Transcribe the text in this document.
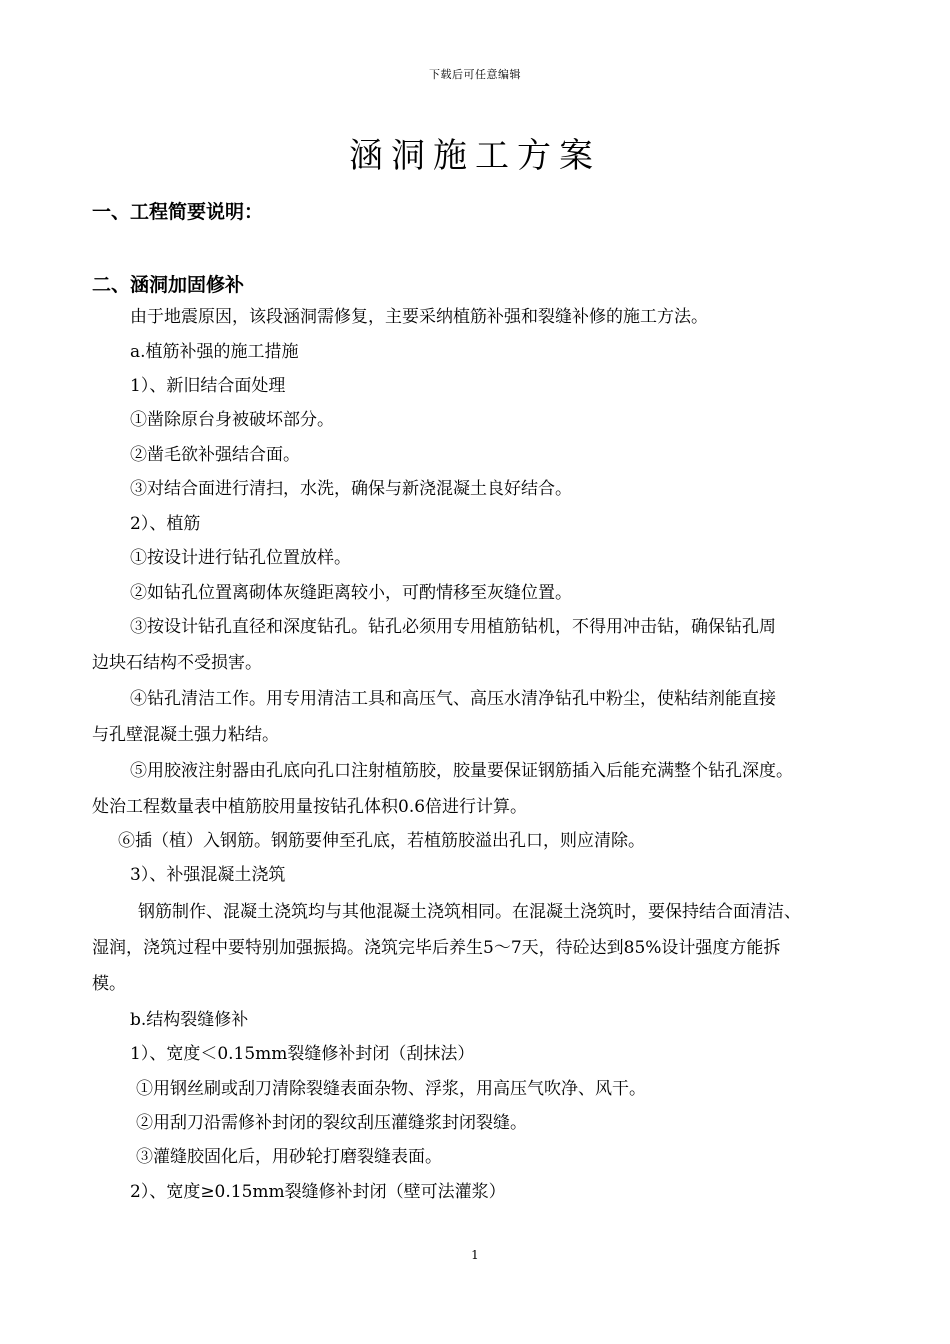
下载后可任意编辑
涵洞施工方案
一、工程简要说明：
二、涵洞加固修补
由于地震原因，该段涵洞需修复，主要采纳植筋补强和裂缝补修的施工方法。
a.植筋补强的施工措施
1）、新旧结合面处理
①凿除原台身被破坏部分。
②凿毛欲补强结合面。
③对结合面进行清扫，水洗，确保与新浇混凝土良好结合。
2）、植筋
①按设计进行钻孔位置放样。
②如钻孔位置离砌体灰缝距离较小，可酌情移至灰缝位置。
③按设计钻孔直径和深度钻孔。钻孔必须用专用植筋钻机，不得用冲击钻，确保钻孔周
边块石结构不受损害。
④钻孔清洁工作。用专用清洁工具和高压气、高压水清净钻孔中粉尘，使粘结剂能直接
与孔壁混凝土强力粘结。
⑤用胶液注射器由孔底向孔口注射植筋胶，胶量要保证钢筋插入后能充满整个钻孔深度。
处治工程数量表中植筋胶用量按钻孔体积0.6倍进行计算。
⑥插（植）入钢筋。钢筋要伸至孔底，若植筋胶溢出孔口，则应清除。
3）、补强混凝土浇筑
钢筋制作、混凝土浇筑均与其他混凝土浇筑相同。在混凝土浇筑时，要保持结合面清洁、
湿润，浇筑过程中要特别加强振捣。浇筑完毕后养生5～7天，待砼达到85%设计强度方能拆
模。
b.结构裂缝修补
1）、宽度＜0.15mm裂缝修补封闭（刮抹法）
①用钢丝刷或刮刀清除裂缝表面杂物、浮浆，用高压气吹净、风干。
②用刮刀沿需修补封闭的裂纹刮压灌缝浆封闭裂缝。
③灌缝胶固化后，用砂轮打磨裂缝表面。
2）、宽度≥0.15mm裂缝修补封闭（壁可法灌浆）
1
